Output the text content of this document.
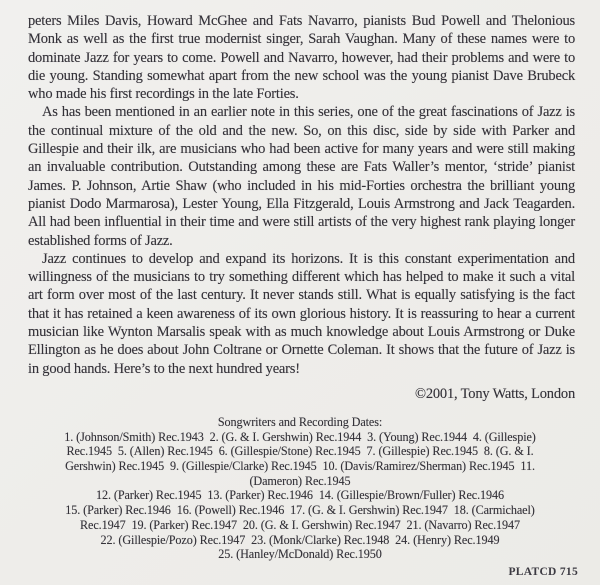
peters Miles Davis, Howard McGhee and Fats Navarro, pianists Bud Powell and Thelonious Monk as well as the first true modernist singer, Sarah Vaughan. Many of these names were to dominate Jazz for years to come. Powell and Navarro, however, had their problems and were to die young. Standing somewhat apart from the new school was the young pianist Dave Brubeck who made his first recordings in the late Forties.

As has been mentioned in an earlier note in this series, one of the great fascinations of Jazz is the continual mixture of the old and the new. So, on this disc, side by side with Parker and Gillespie and their ilk, are musicians who had been active for many years and were still making an invaluable contribution. Outstanding among these are Fats Waller’s mentor, ‘stride’ pianist James. P. Johnson, Artie Shaw (who included in his mid-Forties orchestra the brilliant young pianist Dodo Marmarosa), Lester Young, Ella Fitzgerald, Louis Armstrong and Jack Teagarden. All had been influential in their time and were still artists of the very highest rank playing longer established forms of Jazz.

Jazz continues to develop and expand its horizons. It is this constant experimentation and willingness of the musicians to try something different which has helped to make it such a vital art form over most of the last century. It never stands still. What is equally satisfying is the fact that it has retained a keen awareness of its own glorious history. It is reassuring to hear a current musician like Wynton Marsalis speak with as much knowledge about Louis Armstrong or Duke Ellington as he does about John Coltrane or Ornette Coleman. It shows that the future of Jazz is in good hands. Here’s to the next hundred years!

©2001, Tony Watts, London
Songwriters and Recording Dates:
1. (Johnson/Smith) Rec.1943  2. (G. & I. Gershwin) Rec.1944  3. (Young) Rec.1944  4. (Gillespie)
Rec.1945  5. (Allen) Rec.1945  6. (Gillespie/Stone) Rec.1945  7. (Gillespie) Rec.1945  8. (G. & I.
Gershwin) Rec.1945  9. (Gillespie/Clarke) Rec.1945  10. (Davis/Ramirez/Sherman) Rec.1945  11.
(Dameron) Rec.1945
12. (Parker) Rec.1945  13. (Parker) Rec.1946  14. (Gillespie/Brown/Fuller) Rec.1946
15. (Parker) Rec.1946  16. (Powell) Rec.1946  17. (G. & I. Gershwin) Rec.1947  18. (Carmichael)
Rec.1947  19. (Parker) Rec.1947  20. (G. & I. Gershwin) Rec.1947  21. (Navarro) Rec.1947
22. (Gillespie/Pozo) Rec.1947  23. (Monk/Clarke) Rec.1948  24. (Henry) Rec.1949
25. (Hanley/McDonald) Rec.1950
PLATCD 715
